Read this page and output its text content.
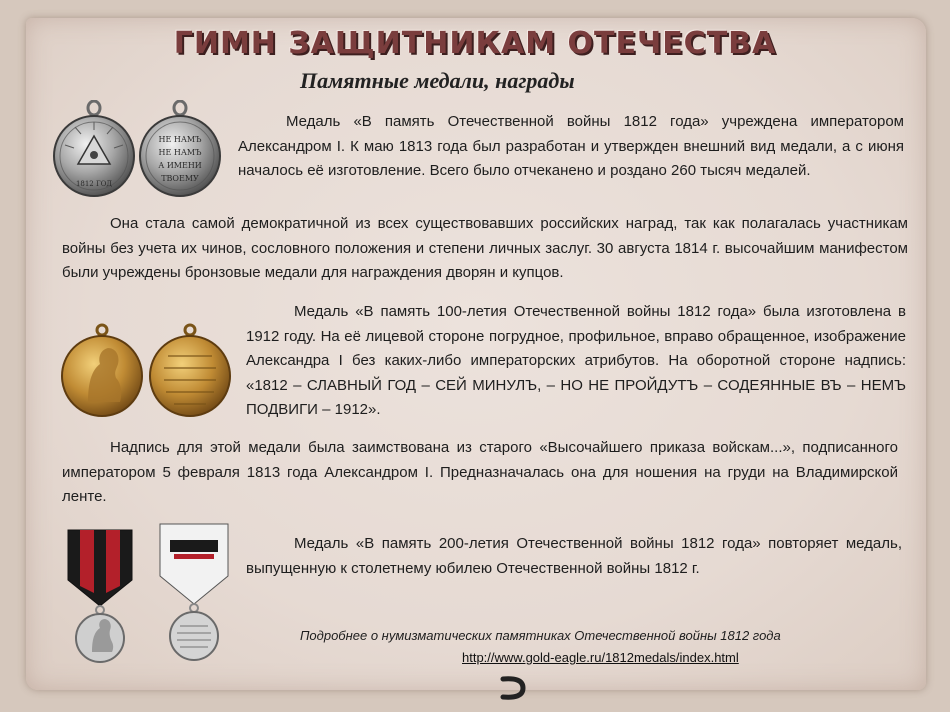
ГИМН ЗАЩИТНИКАМ ОТЕЧЕСТВА
Памятные медали, награды
1812 ГОД
НЕ НАМЪ
НЕ НАМЪ
А ИМЕНИ
ТВОЕМУ
Медаль «В память Отечественной войны 1812 года» учреждена императором Александром I. К маю 1813 года был разработан и утвержден внешний вид медали, а с июня началось её изготовление. Всего было отчеканено и роздано 260 тысяч медалей.
Она стала самой демократичной из всех существовавших российских наград, так как полагалась участникам войны без учета их чинов, сословного положения и степени личных заслуг. 30 августа 1814 г. высочайшим манифестом были учреждены бронзовые медали для награждения дворян и купцов.
Медаль «В память 100-летия Отечественной войны 1812 года» была изготовлена в 1912 году. На её лицевой стороне погрудное, профильное, вправо обращенное, изображение Александра I без каких-либо императорских атрибутов. На оборотной стороне надпись: «1812 – СЛАВНЫЙ ГОД – СЕЙ МИНУЛЪ, – НО НЕ ПРОЙДУТЪ – СОДЕЯННЫЕ ВЪ – НЕМЪ ПОДВИГИ – 1912».
Надпись для этой медали была заимствована из старого «Высочайшего приказа войскам...», подписанного императором 5 февраля 1813 года Александром I. Предназначалась она для ношения на груди на Владимирской ленте.
Медаль «В память 200-летия Отечественной войны 1812 года» повторяет медаль, выпущенную к столетнему юбилею Отечественной войны 1812 г.
Подробнее о нумизматических памятниках Отечественной войны 1812 года
http://www.gold-eagle.ru/1812medals/index.html
